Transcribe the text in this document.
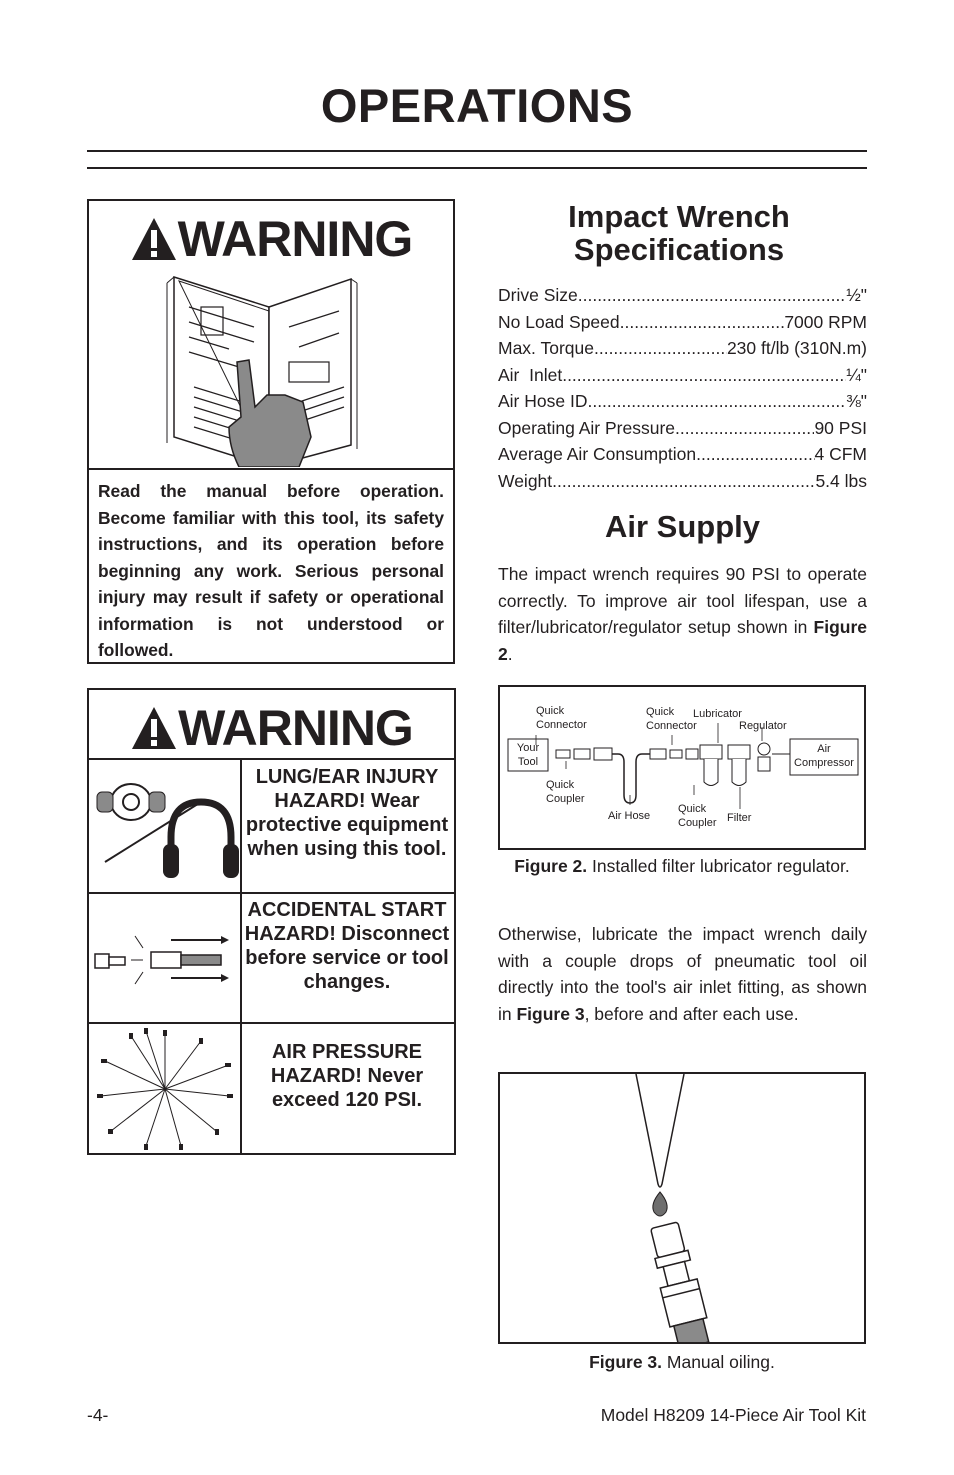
OPERATIONS
WARNING
Read the manual before operation. Become familiar with this tool, its safety instructions, and its operation before beginning any work. Serious personal injury may result if safety or operational information is not understood or followed.
WARNING
LUNG/EAR INJURY HAZARD! Wear protective equipment when using this tool.
ACCIDENTAL START HAZARD! Disconnect before service or tool changes.
AIR PRESSURE HAZARD! Never exceed 120 PSI.
Impact Wrench Specifications
Drive Size .....	½"
No Load Speed .....	7000 RPM
Max. Torque .....	230 ft/lb (310N.m)
Air  Inlet .....	¼"
Air Hose ID .....	⅜"
Operating Air Pressure .....	90 PSI
Average Air Consumption .....	4 CFM
Weight .....	5.4 lbs
Air Supply
The impact wrench requires 90 PSI to operate correctly. To improve air tool lifespan, use a filter/lubricator/regulator setup shown in Figure 2.
Your Tool
Quick Connector
Quick Coupler
Air Hose
Quick Connector
Quick Coupler
Lubricator
Regulator
Filter
Air Compressor
Figure 2. Installed filter lubricator regulator.
Otherwise, lubricate the impact wrench daily with a couple drops of pneumatic tool oil directly into the tool's air inlet fitting, as shown in Figure 3, before and after each use.
Figure 3. Manual oiling.
-4-	Model H8209 14-Piece Air Tool Kit
